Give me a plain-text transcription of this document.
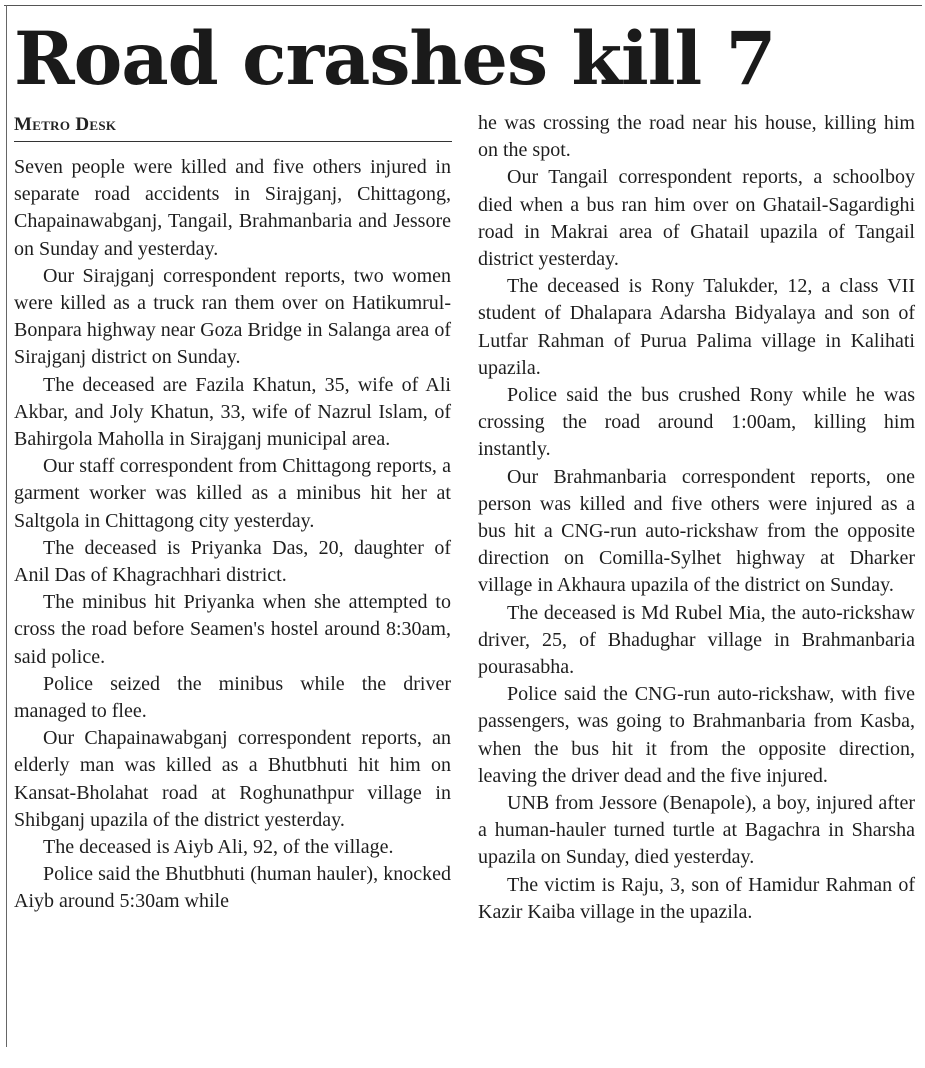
Road crashes kill 7
Metro Desk

Seven people were killed and five others injured in separate road accidents in Sirajganj, Chittagong, Chapainawabganj, Tangail, Brahmanbaria and Jessore on Sunday and yesterday.

Our Sirajganj correspondent reports, two women were killed as a truck ran them over on Hatikumrul-Bonpara highway near Goza Bridge in Salanga area of Sirajganj district on Sunday.

The deceased are Fazila Khatun, 35, wife of Ali Akbar, and Joly Khatun, 33, wife of Nazrul Islam, of Bahirgola Maholla in Sirajganj municipal area.

Our staff correspondent from Chittagong reports, a garment worker was killed as a minibus hit her at Saltgola in Chittagong city yesterday.

The deceased is Priyanka Das, 20, daughter of Anil Das of Khagrachhari district.

The minibus hit Priyanka when she attempted to cross the road before Seamen's hostel around 8:30am, said police.

Police seized the minibus while the driver managed to flee.

Our Chapainawabganj correspondent reports, an elderly man was killed as a Bhutbhuti hit him on Kansat-Bholahat road at Roghunathpur village in Shibganj upazila of the district yesterday.

The deceased is Aiyb Ali, 92, of the village.

Police said the Bhutbhuti (human hauler), knocked Aiyb around 5:30am while

he was crossing the road near his house, killing him on the spot.

Our Tangail correspondent reports, a schoolboy died when a bus ran him over on Ghatail-Sagardighi road in Makrai area of Ghatail upazila of Tangail district yesterday.

The deceased is Rony Talukder, 12, a class VII student of Dhalapara Adarsha Bidyalaya and son of Lutfar Rahman of Purua Palima village in Kalihati upazila.

Police said the bus crushed Rony while he was crossing the road around 1:00am, killing him instantly.

Our Brahmanbaria correspondent reports, one person was killed and five others were injured as a bus hit a CNG-run auto-rickshaw from the opposite direction on Comilla-Sylhet highway at Dharker village in Akhaura upazila of the district on Sunday.

The deceased is Md Rubel Mia, the auto-rickshaw driver, 25, of Bhadughar village in Brahmanbaria pourasabha.

Police said the CNG-run auto-rickshaw, with five passengers, was going to Brahmanbaria from Kasba, when the bus hit it from the opposite direction, leaving the driver dead and the five injured.

UNB from Jessore (Benapole), a boy, injured after a human-hauler turned turtle at Bagachra in Sharsha upazila on Sunday, died yesterday.

The victim is Raju, 3, son of Hamidur Rahman of Kazir Kaiba village in the upazila.
